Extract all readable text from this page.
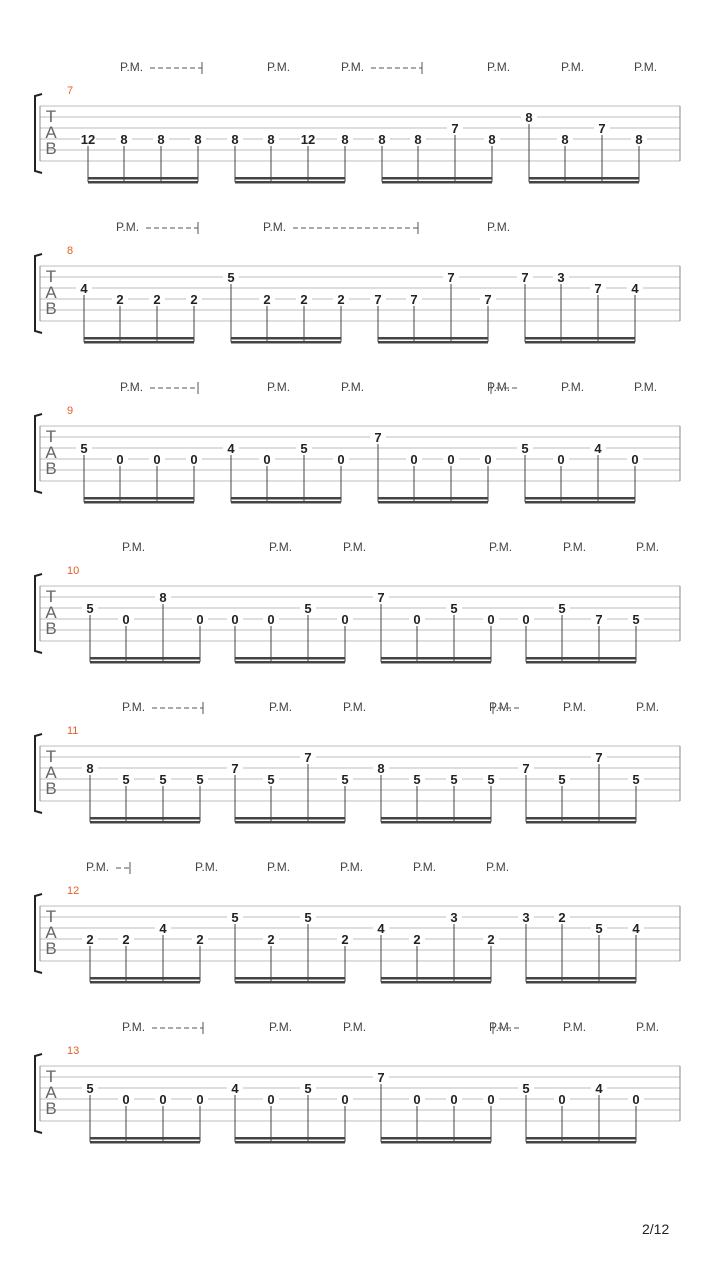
T
A
B
7
P.M.	P.M.	P.M.	P.M.	P.M.	P.M.
12 8 8 8 8 8 12 8 8 8
7
8
8
8
7
8
T
A
B
8
P.M.	P.M.	P.M.
4
2 2 2
5
2 2 2 7 7
7
7
7 3
7 4
T
A
B
9
P.M.	P.M.	P.M.	P.M.	P.M.	P.M.
5
0 0 0
4
0
5
0
7
0 0 0
5
0
4
0
T
A
B
10
P.M.	P.M.	P.M.	P.M.	P.M.	P.M.
5
0
8
0 0 0
5
0
7
0
5
0 0
5
7 5
T
A
B
11
P.M.	P.M.	P.M.	P.M.	P.M.	P.M.
8
5 5 5
7
5
7
5
8
5 5 5
7
5
7
5
T
A
B
12
P.M.	P.M.	P.M.	P.M.	P.M.	P.M.
2 2
4
2
5
2
5
2
4
2
3
2
3 2
5 4
T
A
B
13
P.M.	P.M.	P.M.	P.M.	P.M.	P.M.
5
0 0 0
4
0
5
0
7
0 0 0
5
0
4
0
2/12
